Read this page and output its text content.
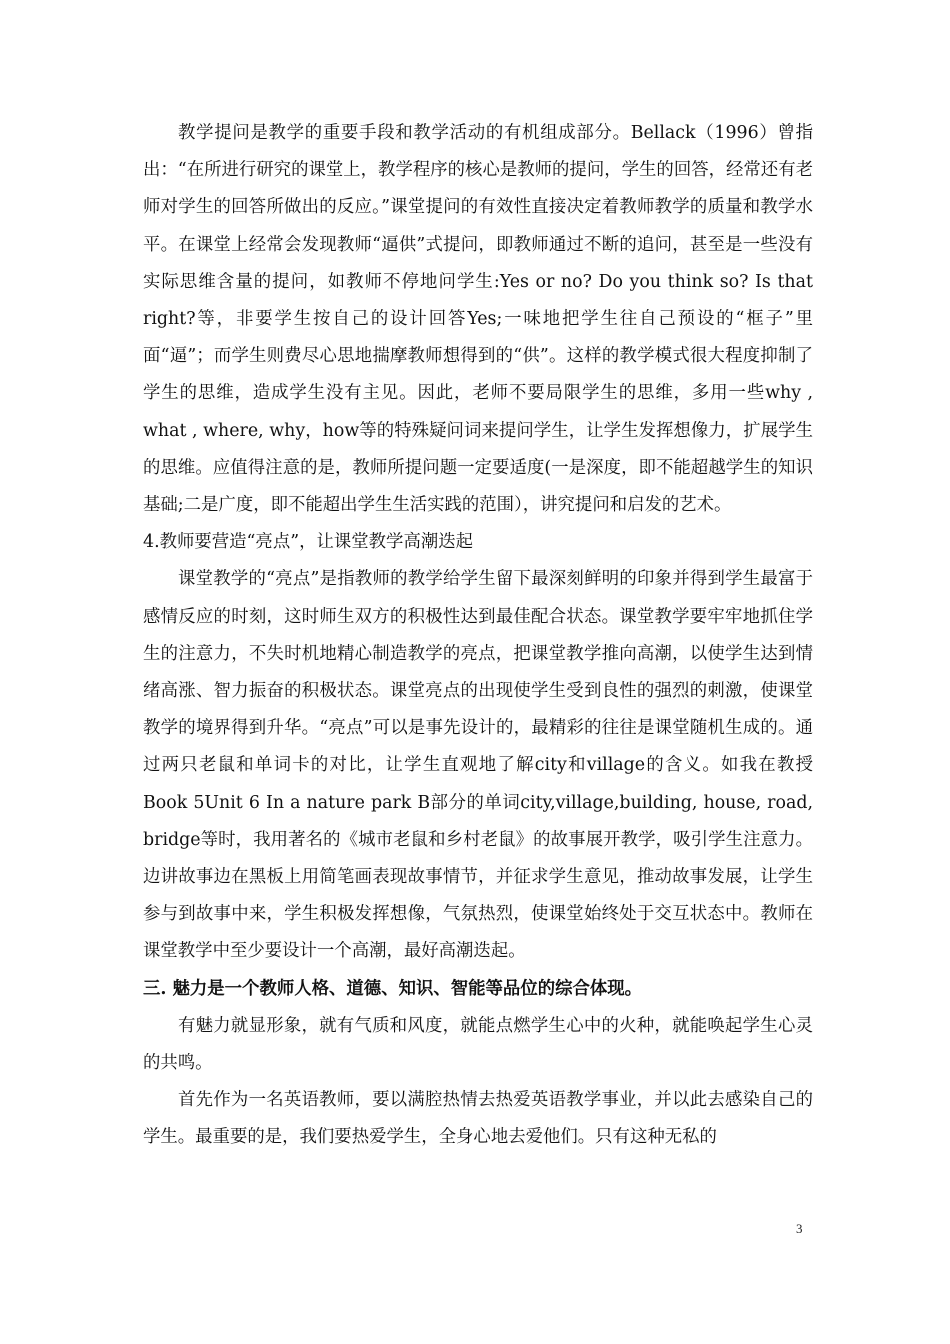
教学提问是教学的重要手段和教学活动的有机组成部分。Bellack（1996）曾指出：“在所进行研究的课堂上，教学程序的核心是教师的提问，学生的回答，经常还有老师对学生的回答所做出的反应。”课堂提问的有效性直接决定着教师教学的质量和教学水平。在课堂上经常会发现教师“逼供”式提问，即教师通过不断的追问，甚至是一些没有实际思维含量的提问，如教师不停地问学生:Yes or no? Do you think so? Is that right?等，非要学生按自己的设计回答Yes;一味地把学生往自己预设的“框子”里面“逼”；而学生则费尽心思地揣摩教师想得到的“供”。这样的教学模式很大程度抑制了学生的思维，造成学生没有主见。因此，老师不要局限学生的思维，多用一些why , what , where, why，how等的特殊疑问词来提问学生，让学生发挥想像力，扩展学生的思维。应值得注意的是，教师所提问题一定要适度(一是深度，即不能超越学生的知识基础;二是广度，即不能超出学生生活实践的范围），讲究提问和启发的艺术。

4.教师要营造“亮点”，让课堂教学高潮迭起

课堂教学的“亮点”是指教师的教学给学生留下最深刻鲜明的印象并得到学生最富于感情反应的时刻，这时师生双方的积极性达到最佳配合状态。课堂教学要牢牢地抓住学生的注意力，不失时机地精心制造教学的亮点，把课堂教学推向高潮，以使学生达到情绪高涨、智力振奋的积极状态。课堂亮点的出现使学生受到良性的强烈的刺激，使课堂教学的境界得到升华。“亮点”可以是事先设计的，最精彩的往往是课堂随机生成的。通过两只老鼠和单词卡的对比，让学生直观地了解city和village的含义。如我在教授Book 5Unit 6 In a nature park B部分的单词city,village,building, house, road, bridge等时，我用著名的《城市老鼠和乡村老鼠》的故事展开教学，吸引学生注意力。边讲故事边在黑板上用简笔画表现故事情节，并征求学生意见，推动故事发展，让学生参与到故事中来，学生积极发挥想像，气氛热烈，使课堂始终处于交互状态中。教师在课堂教学中至少要设计一个高潮，最好高潮迭起。

三. 魅力是一个教师人格、道德、知识、智能等品位的综合体现。

有魅力就显形象，就有气质和风度，就能点燃学生心中的火种，就能唤起学生心灵的共鸣。

首先作为一名英语教师，要以满腔热情去热爱英语教学事业，并以此去感染自己的学生。最重要的是，我们要热爱学生，全身心地去爱他们。只有这种无私的

3
